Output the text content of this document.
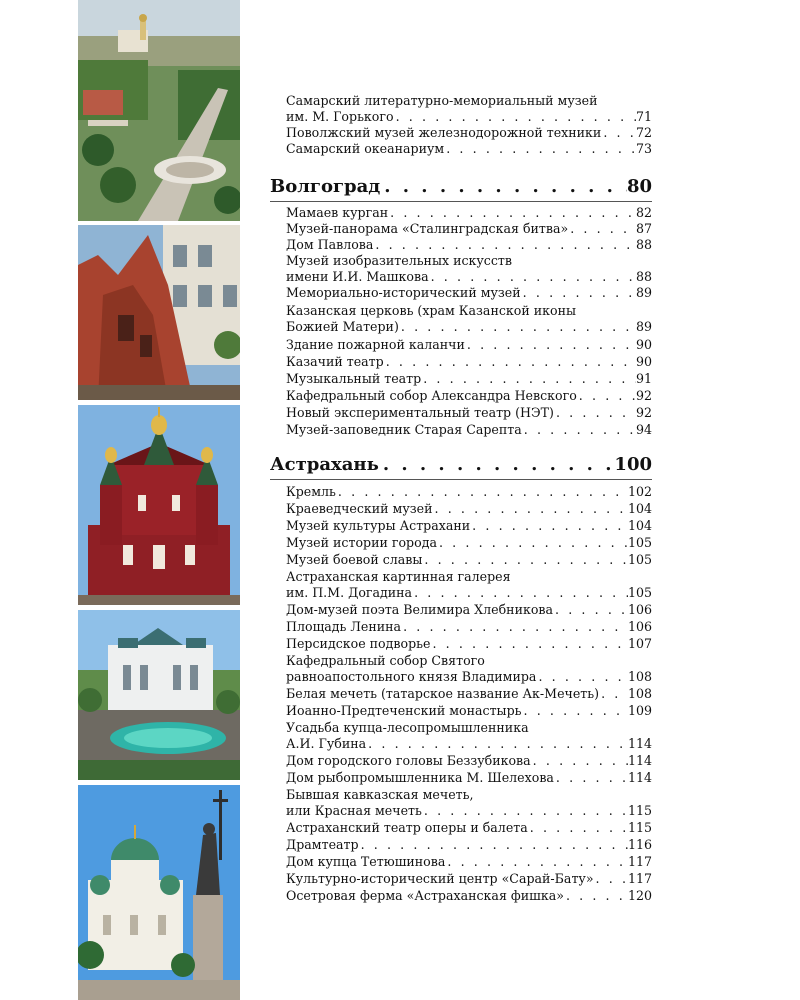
Самарский литературно-мемориальный музей
им. М. Горького . . .	71
Поволжский музей железнодорожной техники . . .	72
Самарский океанариум . . .	73
Волгоград . . .	80
Мамаев курган . . .	82
Музей-панорама «Сталинградская битва» . . .	87
Дом Павлова . . .	88
Музей изобразительных искусств
имени И.И. Машкова . . .	88
Мемориально-исторический музей . . .	89
Казанская церковь (храм Казанской иконы
Божией Матери) . . .	89
Здание пожарной каланчи . . .	90
Казачий театр . . .	90
Музыкальный театр . . .	91
Кафедральный собор Александра Невского . . .	92
Новый экспериментальный театр (НЭТ) . . .	92
Музей-заповедник Старая Сарепта . . .	94
Астрахань . . .	100
Кремль . . .	102
Краеведческий музей . . .	104
Музей культуры Астрахани . . .	104
Музей истории города . . .	105
Музей боевой славы . . .	105
Астраханская картинная галерея
им. П.М. Догадина . . .	105
Дом-музей поэта Велимира Хлебникова . . .	106
Площадь Ленина . . .	106
Персидское подворье . . .	107
Кафедральный собор Святого
равноапостольного князя Владимира . . .	108
Белая мечеть (татарское название Ак-Мечеть) . . . 108
Иоанно-Предтеченский монастырь . . .	109
Усадьба купца-лесопромышленника
А.И. Губина . . .	114
Дом городского головы Беззубикова . . .	114
Дом рыбопромышленника М. Шелехова . . .	114
Бывшая кавказская мечеть,
или Красная мечеть . . .	115
Астраханский театр оперы и балета . . .	115
Драмтеатр . . .	116
Дом купца Тетюшинова . . .	117
Культурно-исторический центр «Сарай-Бату» . . .	117
Осетровая ферма «Астраханская фишка» . . .	120
